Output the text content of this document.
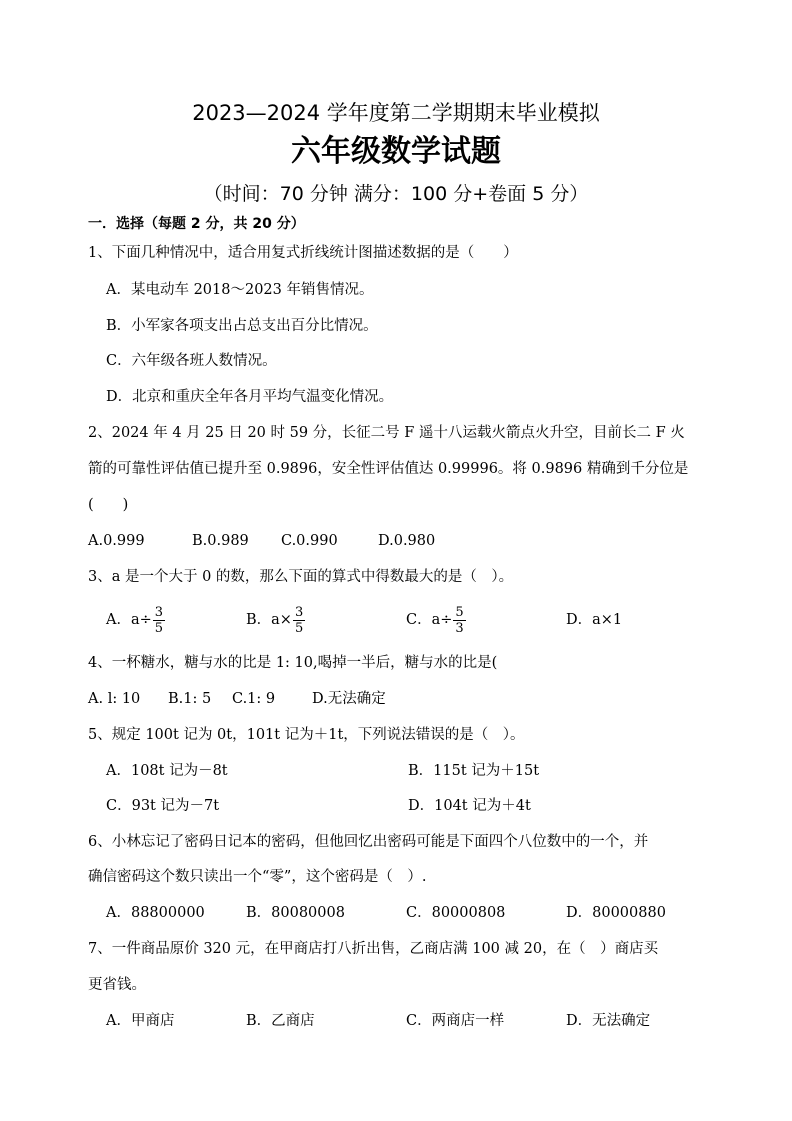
2023—2024 学年度第二学期期末毕业模拟
六年级数学试题
（时间：70 分钟 满分：100 分+卷面 5 分）
一．选择（每题 2 分，共 20 分）
1、下面几种情况中，适合用复式折线统计图描述数据的是（　　）
A．某电动车 2018～2023 年销售情况。
B．小军家各项支出占总支出百分比情况。
C．六年级各班人数情况。
D．北京和重庆全年各月平均气温变化情况。
2、2024 年 4 月 25 日 20 时 59 分，长征二号 F 遥十八运载火箭点火升空，目前长二 F 火
箭的可靠性评估值已提升至 0.9896，安全性评估值达 0.99996。将 0.9896 精确到千分位是
(　　)
A.0.999	B.0.989 C.0.990	D.0.980
3、a 是一个大于 0 的数，那么下面的算式中得数最大的是（　）。
A．$a\div \frac{3}{5}$	B．$a\times \frac{3}{5}$	C．$a\div \frac{5}{3}$	D．a×1
4、一杯糖水，糖与水的比是 1: 10,喝掉一半后，糖与水的比是(
A. l: 10 B.1: 5 C.1: 9	D.无法确定
5、规定 100t 记为 0t，101t 记为＋1t，下列说法错误的是（　）。
A．108t 记为－8t	B．115t 记为＋15t
C．93t 记为－7t	D．104t 记为＋4t
6、小林忘记了密码日记本的密码，但他回忆出密码可能是下面四个八位数中的一个，并
确信密码这个数只读出一个“零”，这个密码是（　）.
A．88800000	B．80080008	C．80000808	D．80000880
7、一件商品原价 320 元，在甲商店打八折出售，乙商店满 100 减 20，在（　）商店买
更省钱。
A．甲商店	B．乙商店	C．两商店一样	D．无法确定
